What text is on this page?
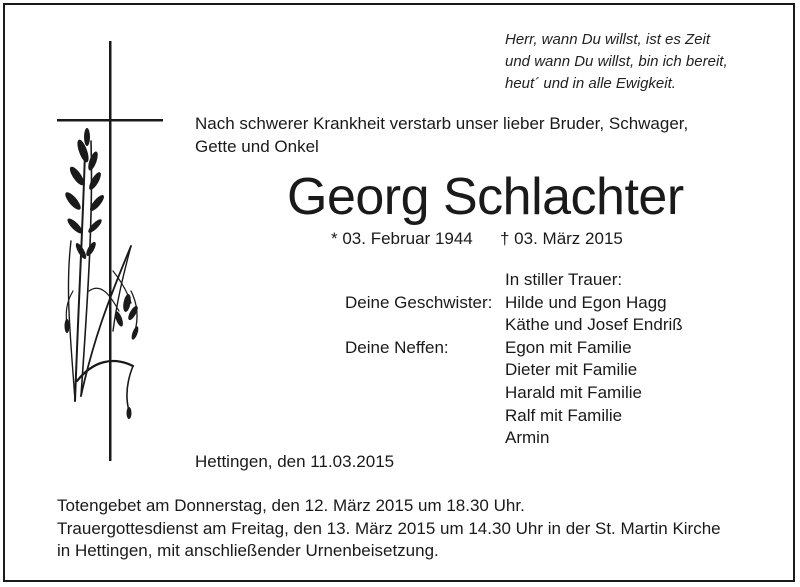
Herr, wann Du willst, ist es Zeit
und wann Du willst, bin ich bereit,
heut´ und in alle Ewigkeit.
Nach schwerer Krankheit verstarb unser lieber Bruder, Schwager,
Gette und Onkel
Georg Schlachter
* 03. Februar 1944 † 03. März 2015
In stiller Trauer:
Deine Geschwister: Hilde und Egon Hagg
Käthe und Josef Endriß
Deine Neffen:	Egon mit Familie
Dieter mit Familie
Harald mit Familie
Ralf mit Familie
Armin
Hettingen, den 11.03.2015
Totengebet am Donnerstag, den 12. März 2015 um 18.30 Uhr.
Trauergottesdienst am Freitag, den 13. März 2015 um 14.30 Uhr in der St. Martin Kirche
in Hettingen, mit anschließender Urnenbeisetzung.
